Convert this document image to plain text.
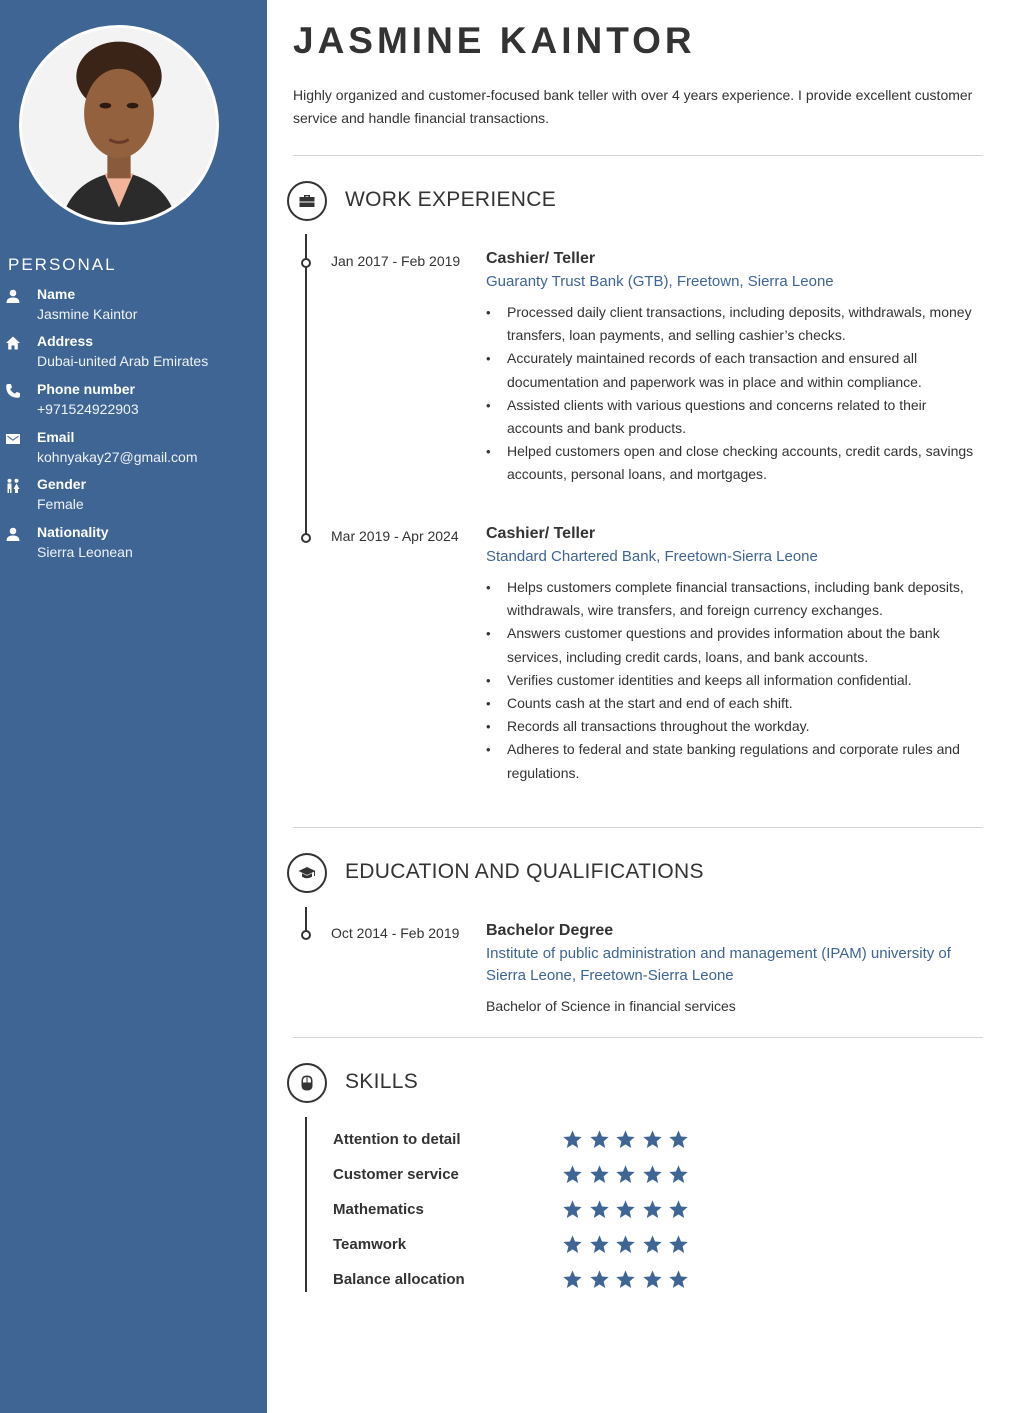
PERSONAL
Name
Jasmine Kaintor
Address
Dubai-united Arab Emirates
Phone number
+971524922903
Email
kohnyakay27@gmail.com
Gender
Female
Nationality
Sierra Leonean
JASMINE KAINTOR
Highly organized and customer-focused bank teller with over 4 years experience. I provide excellent customer service and handle financial transactions.
WORK EXPERIENCE
Jan 2017 - Feb 2019 Cashier/ Teller
Guaranty Trust Bank (GTB), Freetown, Sierra Leone
• Processed daily client transactions, including deposits, withdrawals, money transfers, loan payments, and selling cashier’s checks.
• Accurately maintained records of each transaction and ensured all documentation and paperwork was in place and within compliance.
• Assisted clients with various questions and concerns related to their accounts and bank products.
• Helped customers open and close checking accounts, credit cards, savings accounts, personal loans, and mortgages.
Mar 2019 - Apr 2024 Cashier/ Teller
Standard Chartered Bank, Freetown-Sierra Leone
• Helps customers complete financial transactions, including bank deposits, withdrawals, wire transfers, and foreign currency exchanges.
• Answers customer questions and provides information about the bank services, including credit cards, loans, and bank accounts.
• Verifies customer identities and keeps all information confidential.
• Counts cash at the start and end of each shift.
• Records all transactions throughout the workday.
• Adheres to federal and state banking regulations and corporate rules and regulations.
EDUCATION AND QUALIFICATIONS
Oct 2014 - Feb 2019 Bachelor Degree
Institute of public administration and management (IPAM) university of Sierra Leone, Freetown-Sierra Leone
Bachelor of Science in financial services
SKILLS
Attention to detail
Customer service
Mathematics
Teamwork
Balance allocation
